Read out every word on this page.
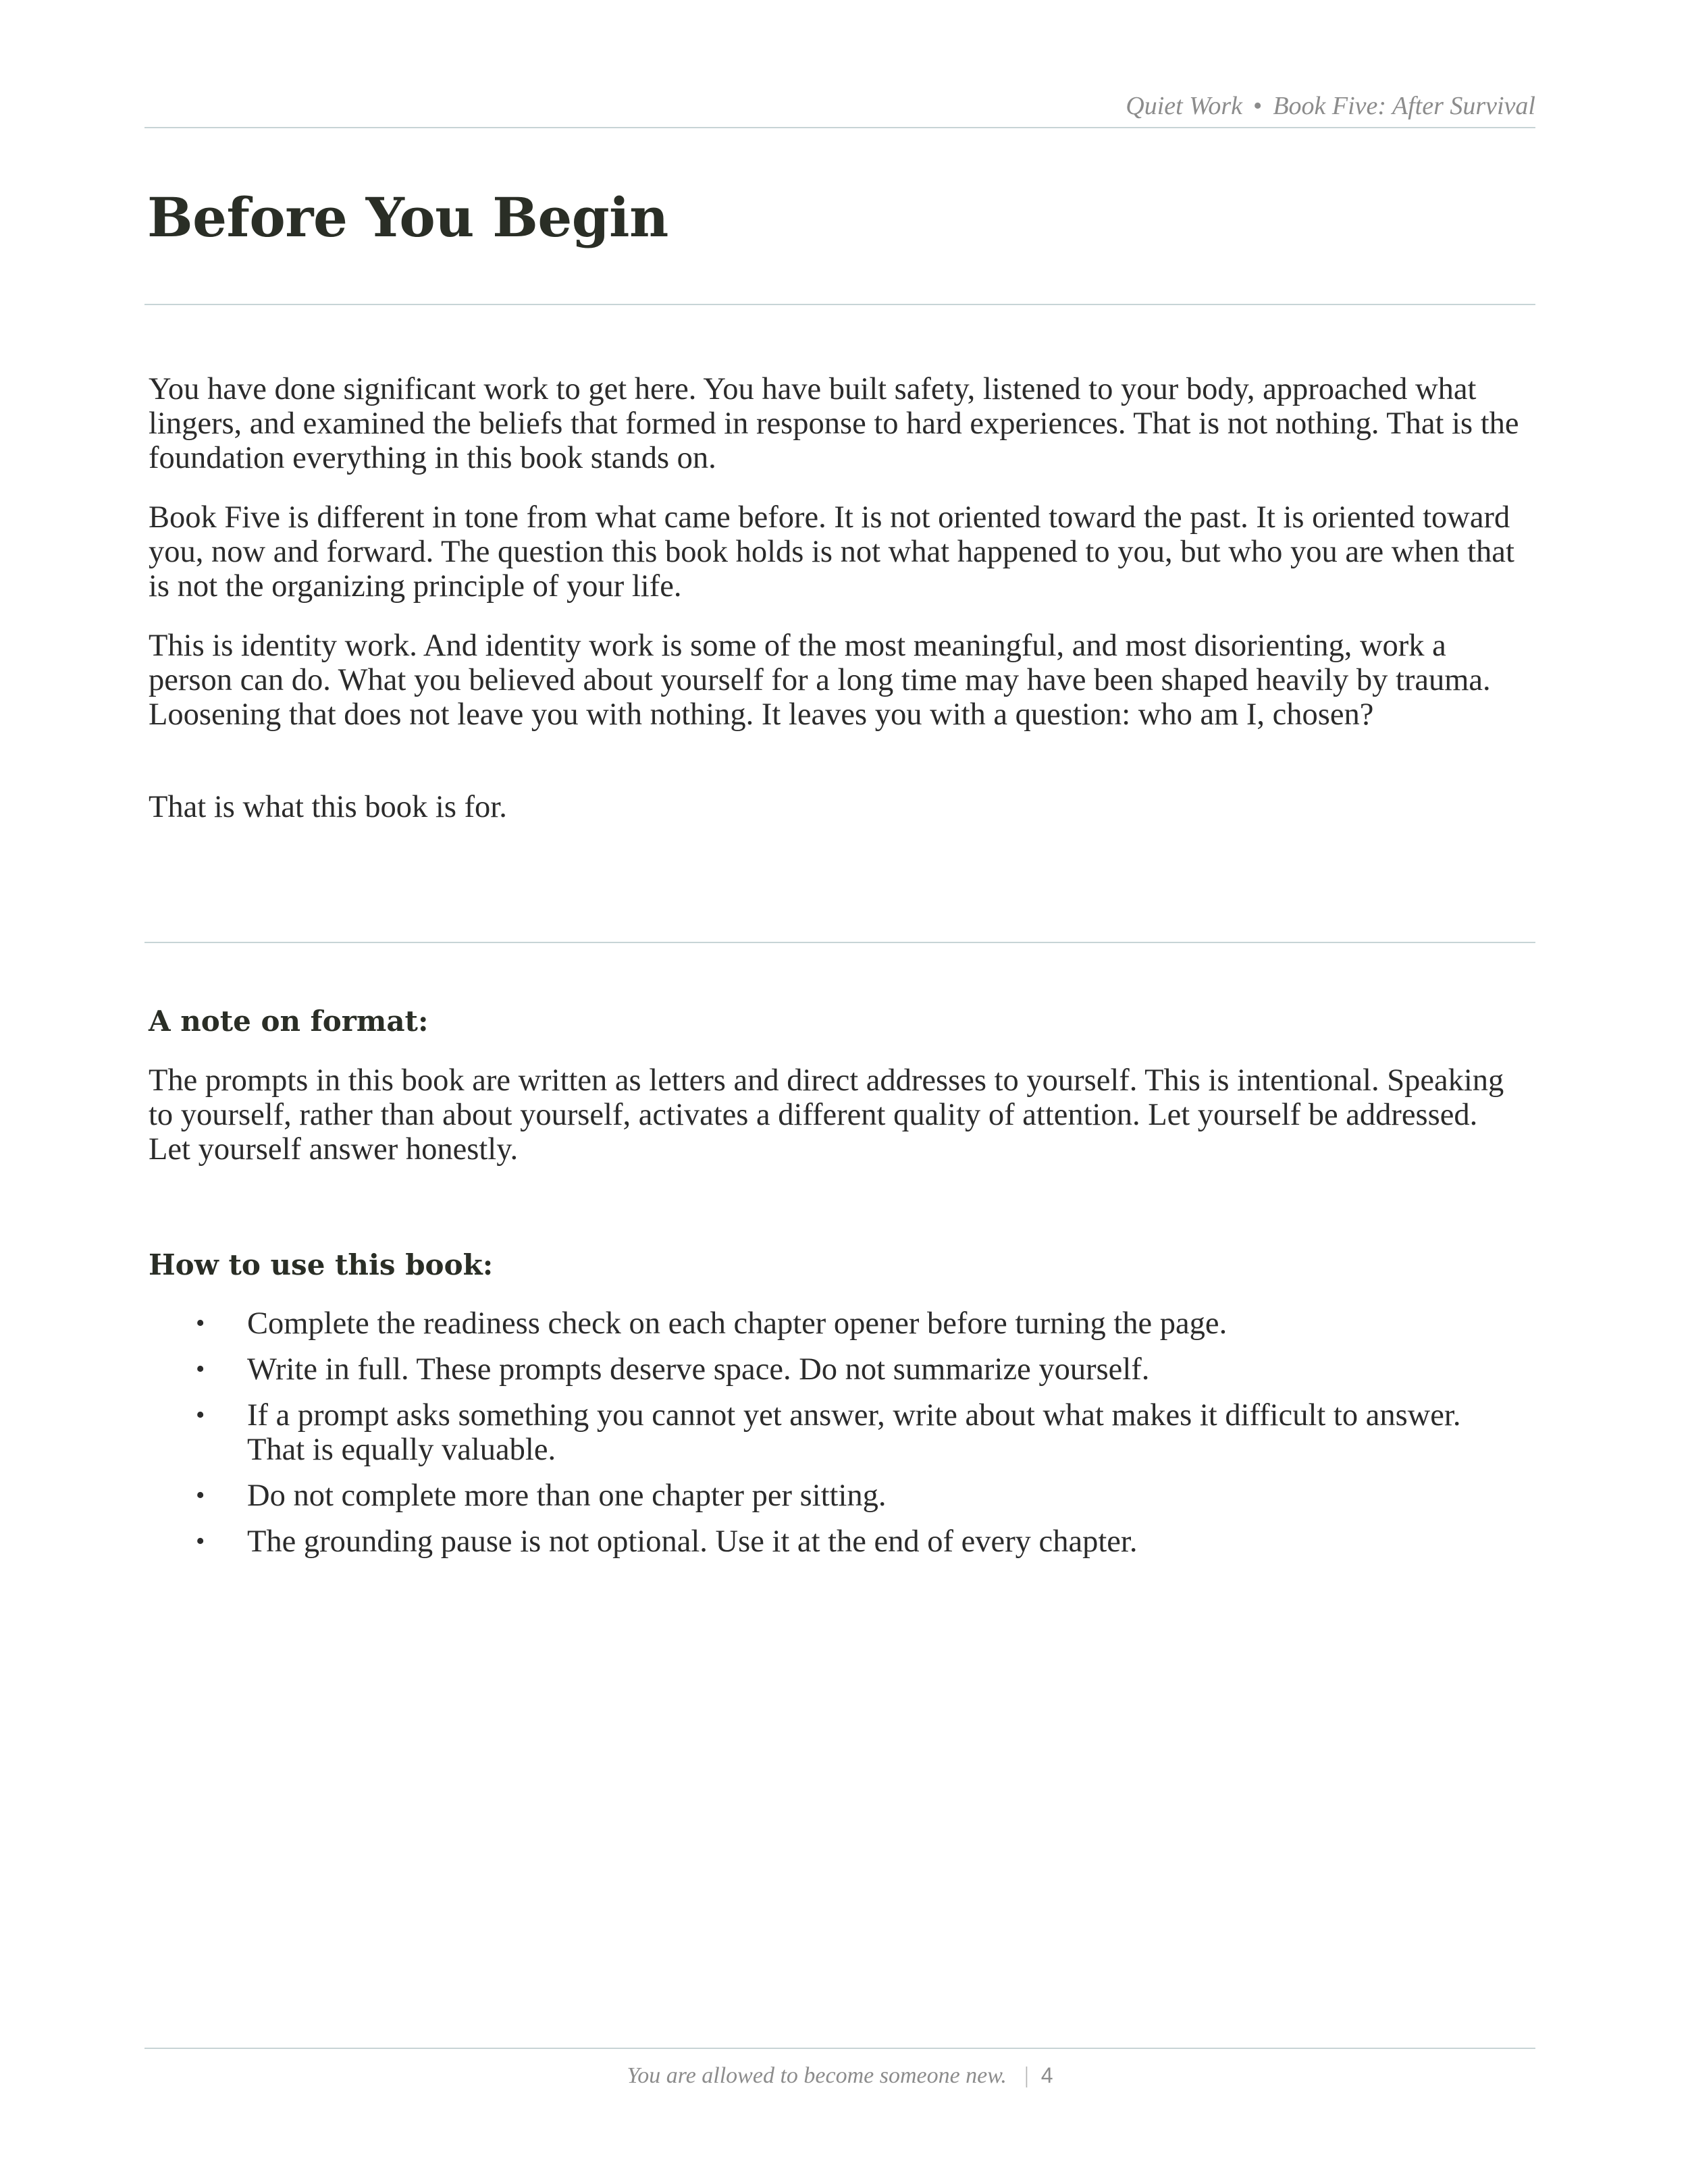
Quiet Work • Book Five: After Survival
Before You Begin

You have done significant work to get here. You have built safety, listened to your body, approached what lingers, and examined the beliefs that formed in response to hard experiences. That is not nothing. That is the foundation everything in this book stands on.

Book Five is different in tone from what came before. It is not oriented toward the past. It is oriented toward you, now and forward. The question this book holds is not what happened to you, but who you are when that is not the organizing principle of your life.

This is identity work. And identity work is some of the most meaningful, and most disorienting, work a person can do. What you believed about yourself for a long time may have been shaped heavily by trauma. Loosening that does not leave you with nothing. It leaves you with a question: who am I, chosen?

That is what this book is for.

A note on format:

The prompts in this book are written as letters and direct addresses to yourself. This is intentional. Speaking to yourself, rather than about yourself, activates a different quality of attention. Let yourself be addressed. Let yourself answer honestly.

How to use this book:
• Complete the readiness check on each chapter opener before turning the page.
• Write in full. These prompts deserve space. Do not summarize yourself.
• If a prompt asks something you cannot yet answer, write about what makes it difficult to answer. That is equally valuable.
• Do not complete more than one chapter per sitting.
• The grounding pause is not optional. Use it at the end of every chapter.
You are allowed to become someone new. | 4
